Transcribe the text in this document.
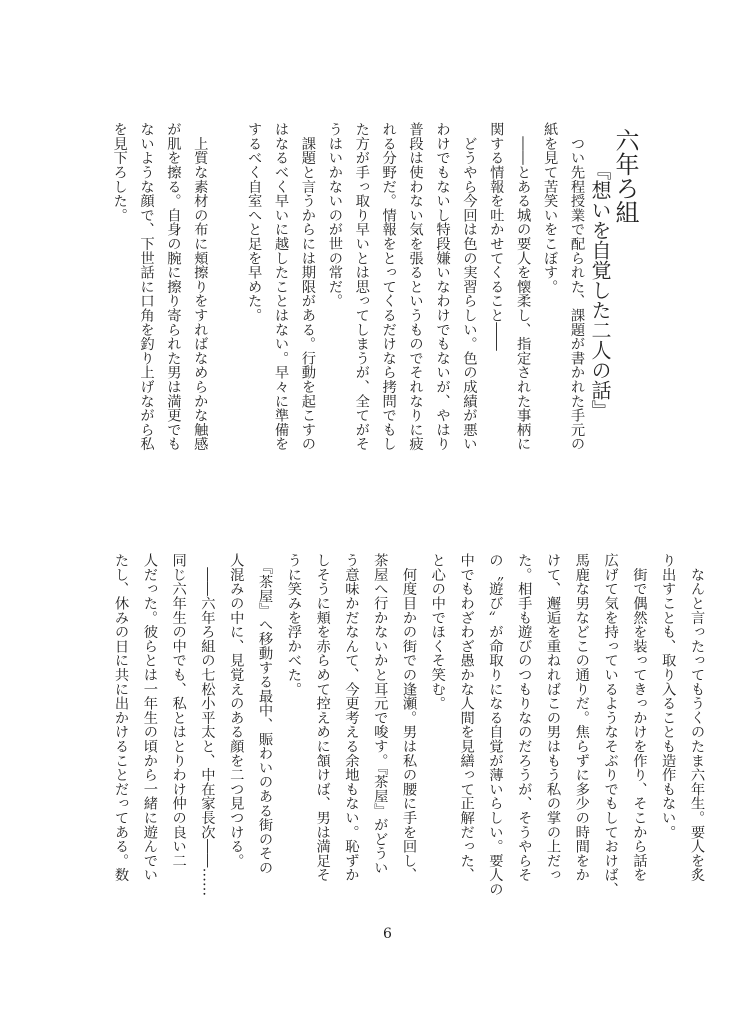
六年ろ組
『想いを自覚した二人の話』
　つい先程授業で配られた、課題が書かれた手元の
紙を見て苦笑いをこぼす。
　――とある城の要人を懐柔し、指定された事柄に
関する情報を吐かせてくること――
　どうやら今回は色の実習らしい。色の成績が悪い
わけでもないし特段嫌いなわけでもないが、やはり
普段は使わない気を張るというものでそれなりに疲
れる分野だ。情報をとってくるだけなら拷問でもし
た方が手っ取り早いとは思ってしまうが、全てがそ
うはいかないのが世の常だ。
　課題と言うからには期限がある。行動を起こすの
はなるべく早いに越したことはない。早々に準備を
するべく自室へと足を早めた。

　上質な素材の布に頬擦りをすればなめらかな触感
が肌を擦る。自身の腕に擦り寄られた男は満更でも
ないような顔で、下世話に口角を釣り上げながら私
を見下ろした。
　なんと言ったってもうくのたま六年生。要人を炙
り出すことも、取り入ることも造作もない。
　街で偶然を装ってきっかけを作り、そこから話を
広げて気を持っているようなそぶりでもしておけば、
馬鹿な男などこの通りだ。焦らずに多少の時間をか
けて、邂逅を重ねればこの男はもう私の掌の上だっ
た。相手も遊びのつもりなのだろうが、そうやらそ
の〝遊び〟が命取りになる自覚が薄いらしい。要人の
中でもわざわざ愚かな人間を見繕って正解だった、
と心の中でほくそ笑む。
　何度目かの街での逢瀬。男は私の腰に手を回し、
茶屋へ行かないかと耳元で唆す。『茶屋』がどうい
う意味かだなんて、今更考える余地もない。恥ずか
しそうに頬を赤らめて控えめに頷けば、男は満足そ
うに笑みを浮かべた。
　『茶屋』へ移動する最中、賑わいのある街のその
人混みの中に、見覚えのある顔を二つ見つける。
　――六年ろ組の七松小平太と、中在家長次――……
同じ六年生の中でも、私とはとりわけ仲の良い二
人だった。彼らとは一年生の頃から一緒に遊んでい
たし、休みの日に共に出かけることだってある。数
6
